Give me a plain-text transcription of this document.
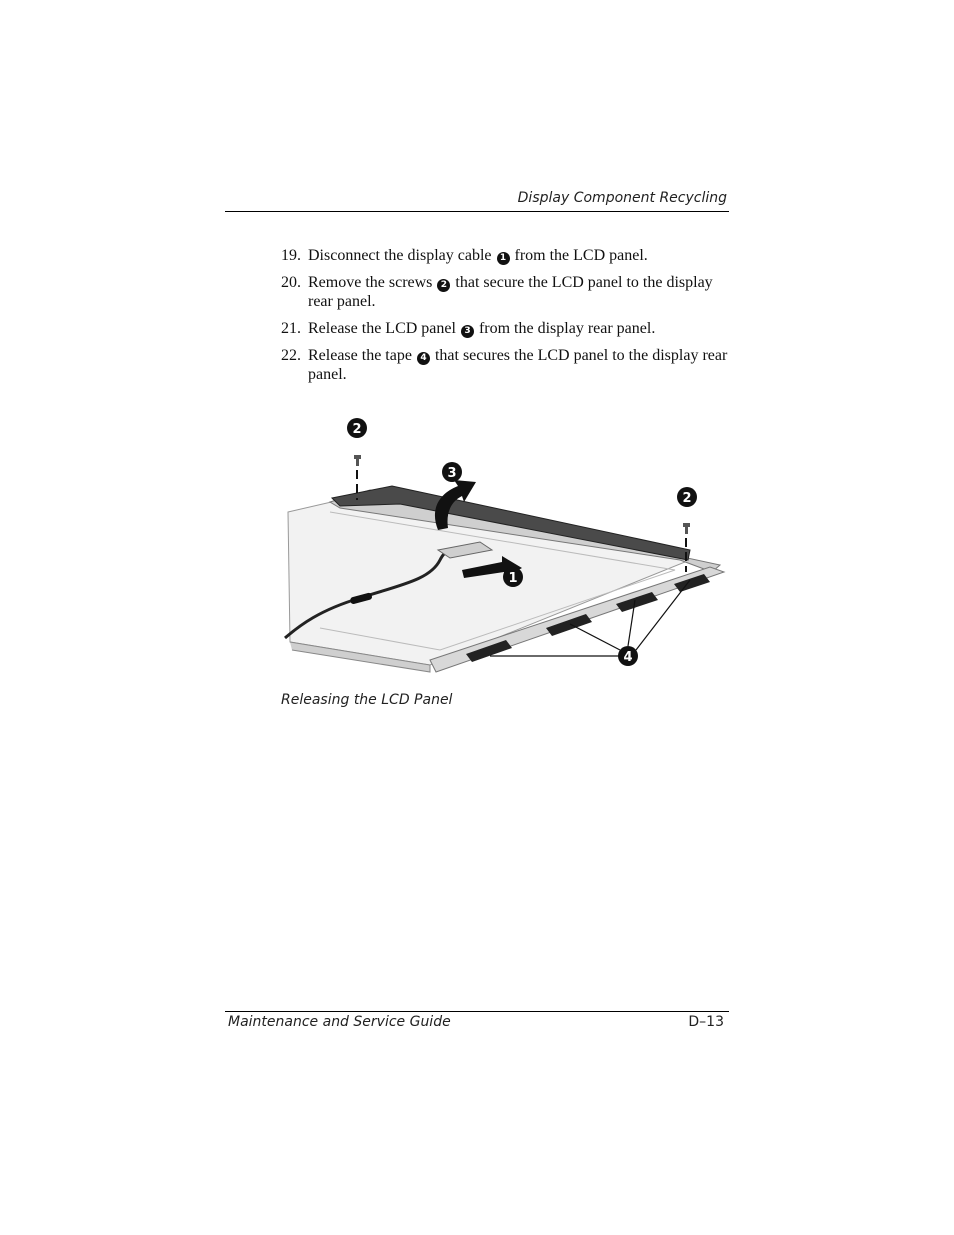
Display Component Recycling
19. Disconnect the display cable 1 from the LCD panel.
20. Remove the screws 2 that secure the LCD panel to the display rear panel.
21. Release the LCD panel 3 from the display rear panel.
22. Release the tape 4 that secures the LCD panel to the display rear panel.
2
3
2
1
4
Releasing the LCD Panel
Maintenance and Service Guide	D–13
